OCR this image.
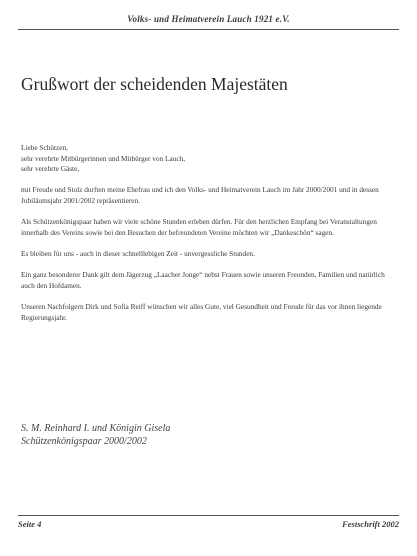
Volks- und Heimatverein Lauch 1921 e.V.
Grußwort der scheidenden Majestäten

Liebe Schützen,
sehr verehrte Mitbürgerinnen und Mitbürger von Lauch,
sehr verehrte Gäste,

mit Freude und Stolz durften meine Ehefrau und ich den Volks- und Heimatverein Lauch im Jahr 2000/2001 und in dessen Jubiläumsjahr 2001/2002 repräsentieren.

Als Schützenkönigspaar haben wir viele schöne Stunden erleben dürfen. Für den herzlichen Empfang bei Veranstaltungen innerhalb des Vereins sowie bei den Besuchen der befreundeten Vereine möchten wir „Dankeschön“ sagen.

Es bleiben für uns - auch in dieser schnelllebigen Zeit - unvergessliche Stunden.

Ein ganz besonderer Dank gilt dem Jägerzug „Laacher Jonge“ nebst Frauen sowie unseren Freunden, Familien und natürlich auch den Hofdamen.

Unseren Nachfolgern Dirk und Sofia Reiff wünschen wir alles Gute, viel Gesundheit und Freude für das vor ihnen liegende Regierungsjahr.

S. M. Reinhard I. und Königin Gisela
Schützenkönigspaar 2000/2002
Seite 4	Festschrift 2002
